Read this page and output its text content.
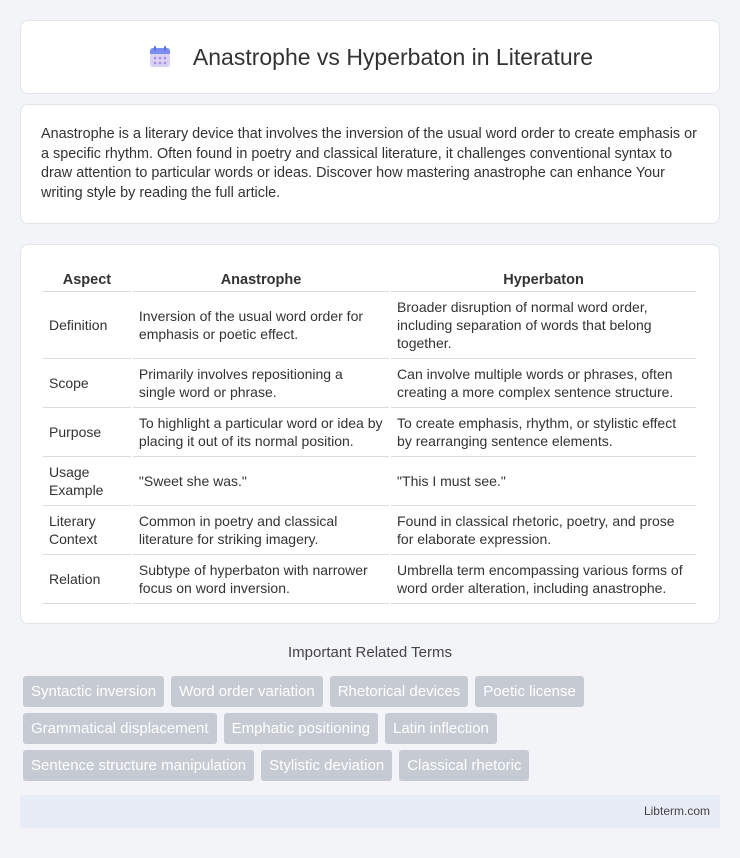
Anastrophe vs Hyperbaton in Literature

Anastrophe is a literary device that involves the inversion of the usual word order to create emphasis or a specific rhythm. Often found in poetry and classical literature, it challenges conventional syntax to draw attention to particular words or ideas. Discover how mastering anastrophe can enhance Your writing style by reading the full article.

Aspect	Anastrophe	Hyperbaton
Definition	Inversion of the usual word order for emphasis or poetic effect.	Broader disruption of normal word order, including separation of words that belong together.
Scope	Primarily involves repositioning a single word or phrase.	Can involve multiple words or phrases, often creating a more complex sentence structure.
Purpose	To highlight a particular word or idea by placing it out of its normal position.	To create emphasis, rhythm, or stylistic effect by rearranging sentence elements.
Usage Example	"Sweet she was."	"This I must see."
Literary Context	Common in poetry and classical literature for striking imagery.	Found in classical rhetoric, poetry, and prose for elaborate expression.
Relation	Subtype of hyperbaton with narrower focus on word inversion.	Umbrella term encompassing various forms of word order alteration, including anastrophe.
Important Related Terms
Syntactic inversion	Word order variation	Rhetorical devices	Poetic license
Grammatical displacement	Emphatic positioning	Latin inflection
Sentence structure manipulation	Stylistic deviation	Classical rhetoric
Libterm.com
